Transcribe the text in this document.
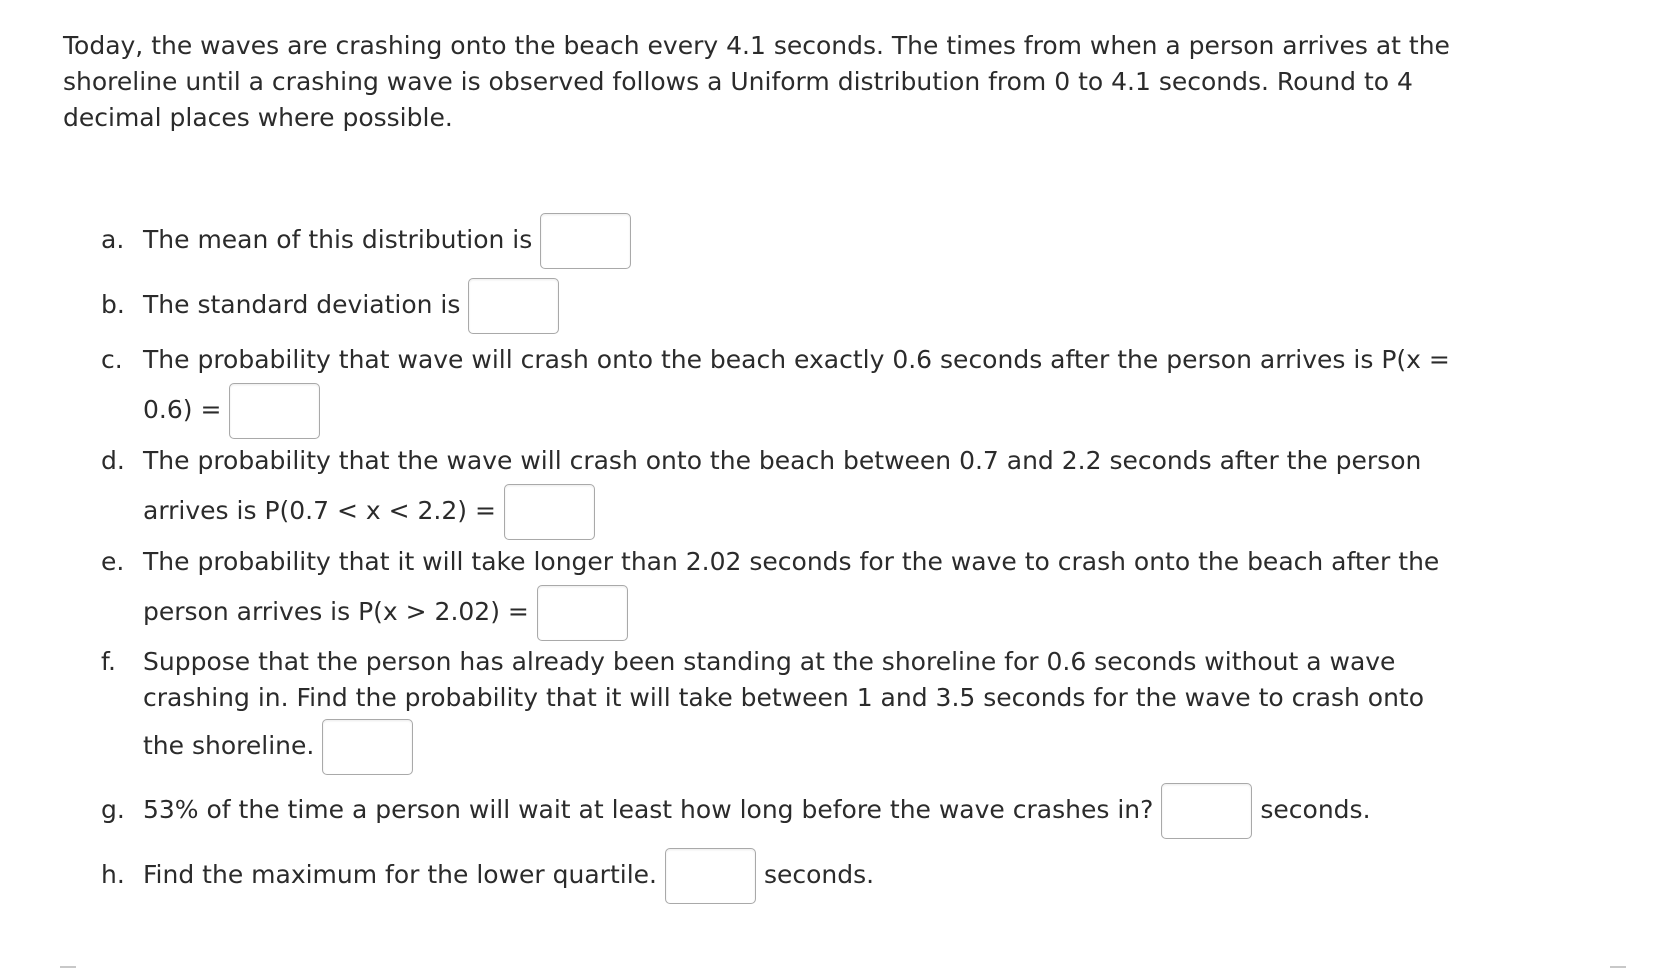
Today, the waves are crashing onto the beach every 4.1 seconds. The times from when a person arrives at the shoreline until a crashing wave is observed follows a Uniform distribution from 0 to 4.1 seconds. Round to 4 decimal places where possible.

a. The mean of this distribution is
b. The standard deviation is
c. The probability that wave will crash onto the beach exactly 0.6 seconds after the person arrives is P(x =
0.6) =
d. The probability that the wave will crash onto the beach between 0.7 and 2.2 seconds after the person
arrives is P(0.7 < x < 2.2) =
e. The probability that it will take longer than 2.02 seconds for the wave to crash onto the beach after the
person arrives is P(x > 2.02) =
f. Suppose that the person has already been standing at the shoreline for 0.6 seconds without a wave
crashing in. Find the probability that it will take between 1 and 3.5 seconds for the wave to crash onto
the shoreline.
g. 53% of the time a person will wait at least how long before the wave crashes in?	seconds.
h. Find the maximum for the lower quartile.	seconds.
